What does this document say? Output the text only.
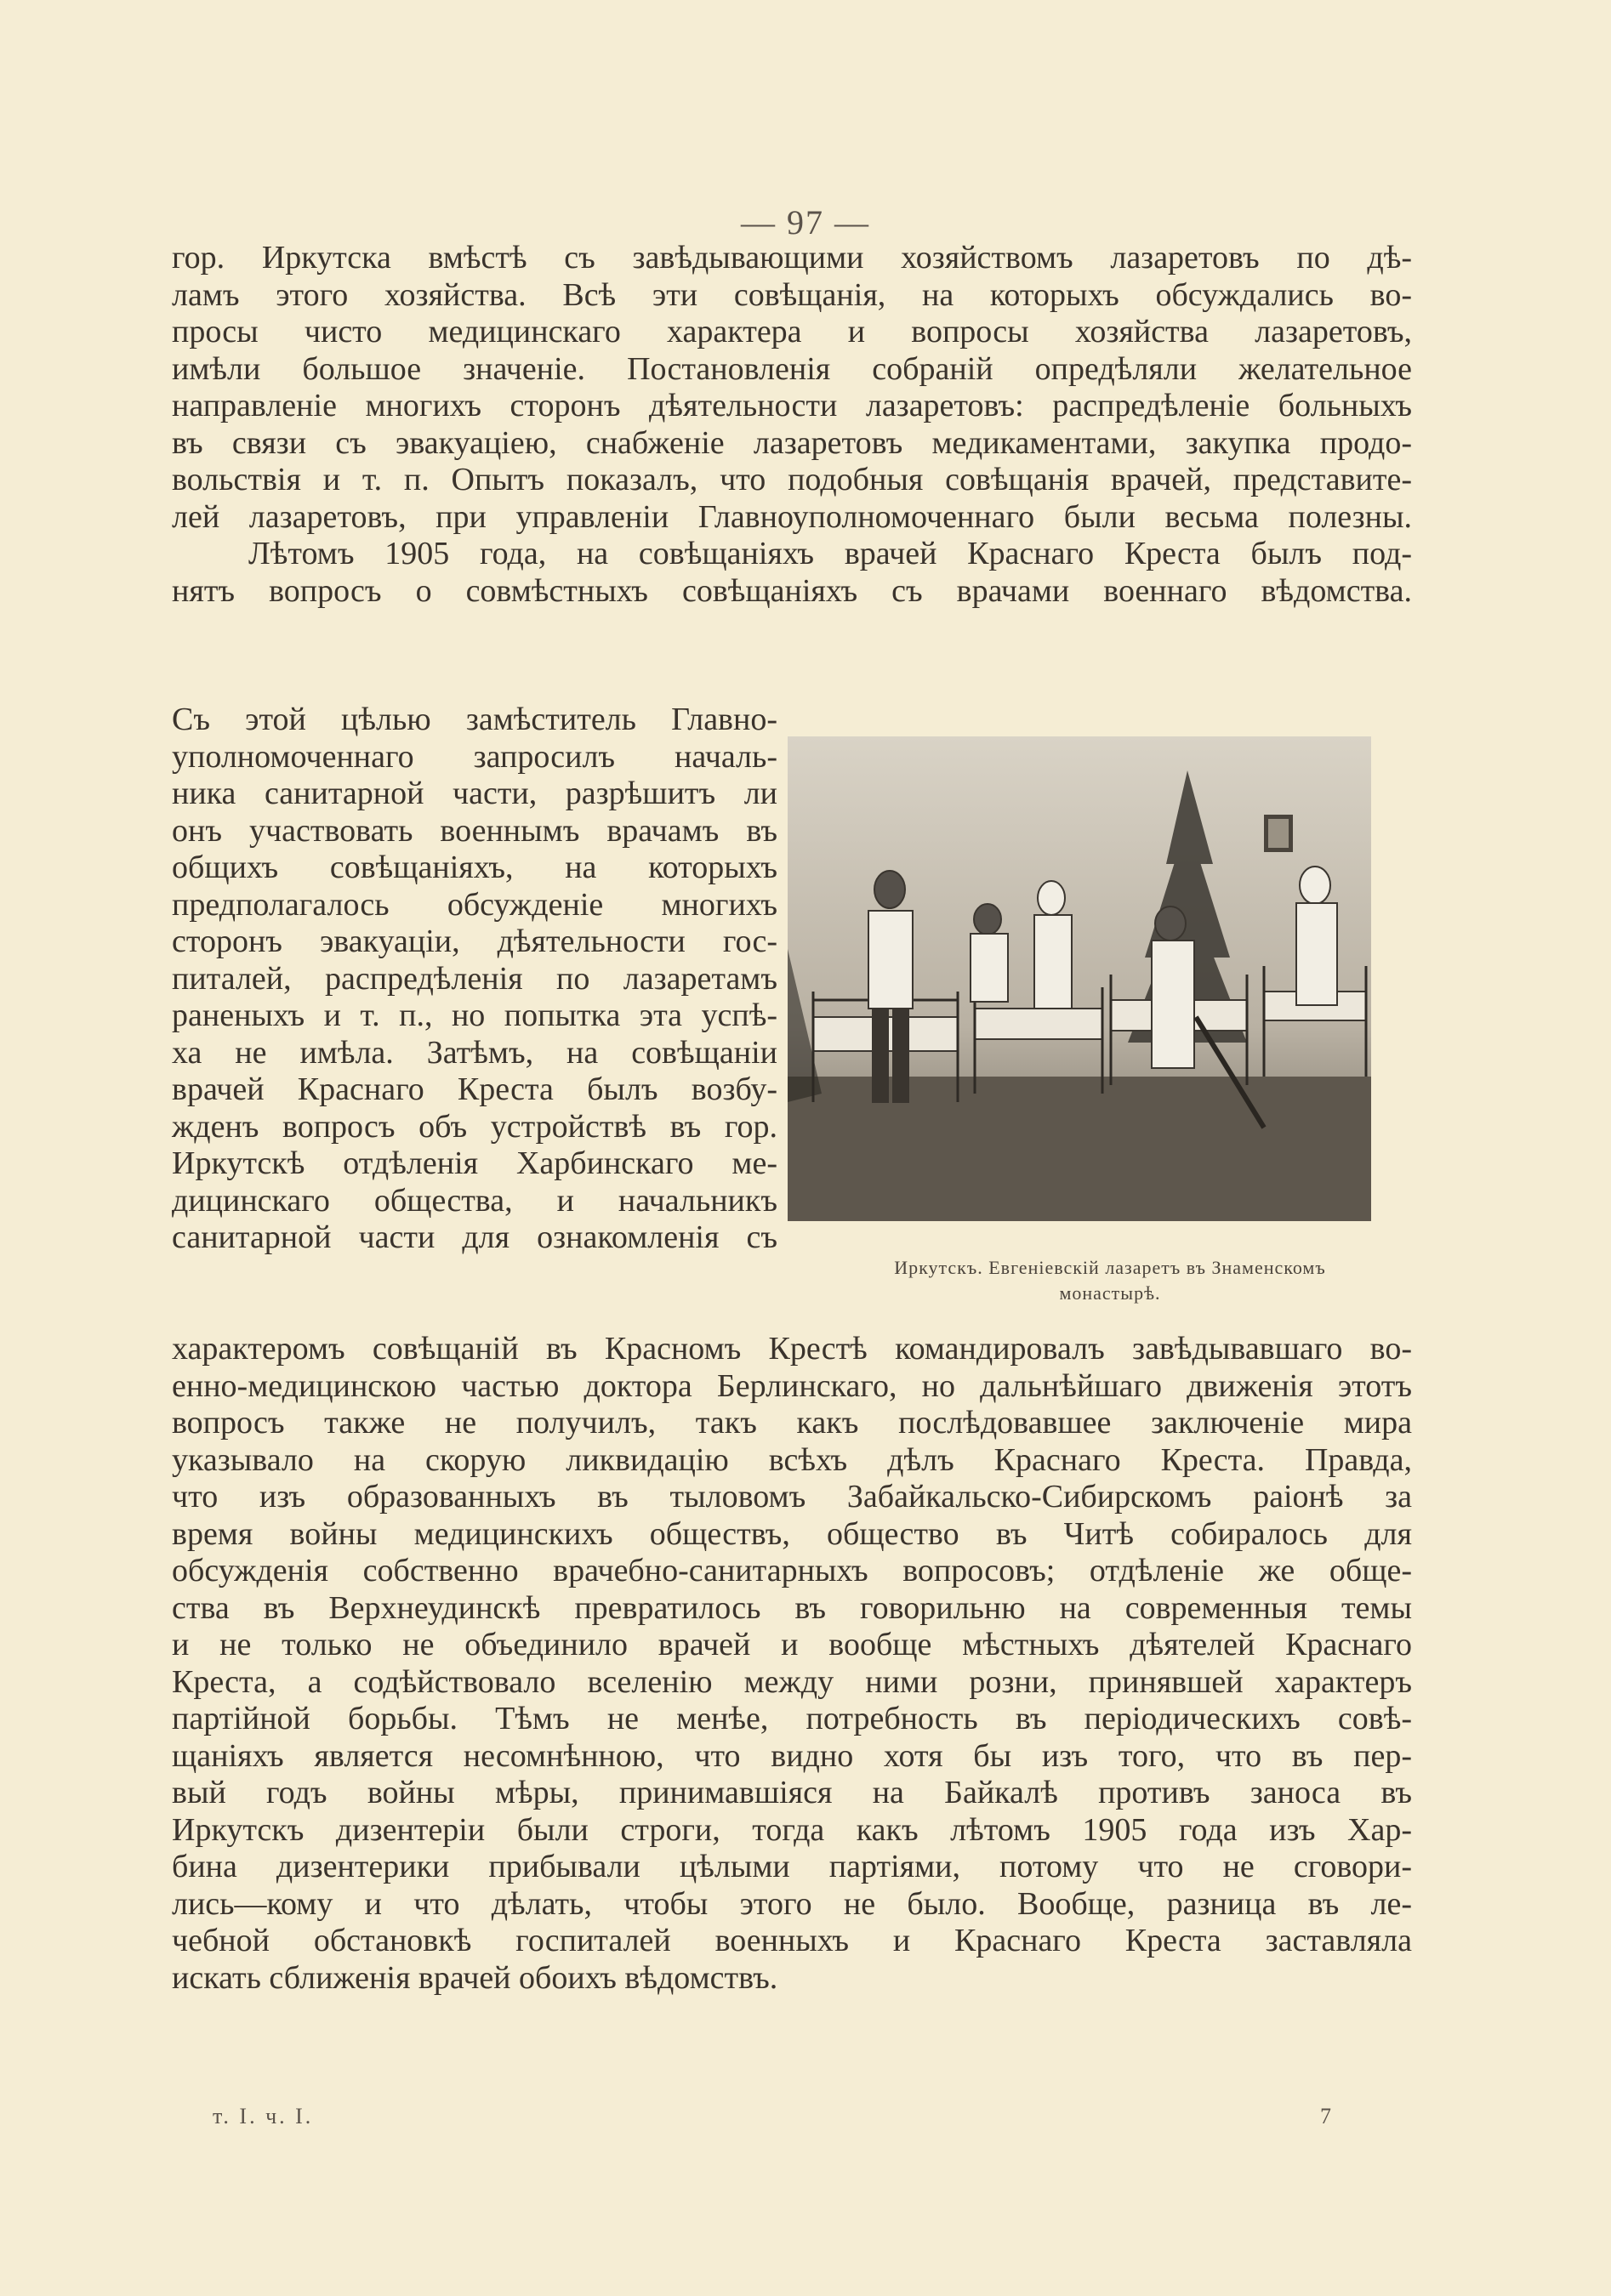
— 97 —
гор. Иркутска вмѣстѣ съ завѣдывающими хозяйствомъ лазаретовъ по дѣ-
ламъ этого хозяйства. Всѣ эти совѣщанія, на которыхъ обсуждались во-
просы чисто медицинскаго характера и вопросы хозяйства лазаретовъ,
имѣли большое значеніе. Постановленія собраній опредѣляли желательное
направленіе многихъ сторонъ дѣятельности лазаретовъ: распредѣленіе больныхъ
въ связи съ эвакуаціею, снабженіе лазаретовъ медикаментами, закупка продо-
вольствія и т. п. Опытъ показалъ, что подобныя совѣщанія врачей, представите-
лей лазаретовъ, при управленіи Главноуполномоченнаго были весьма полезны.
Лѣтомъ 1905 года, на совѣщаніяхъ врачей Краснаго Креста былъ под-
нятъ вопросъ о совмѣстныхъ совѣщаніяхъ съ врачами военнаго вѣдомства.
Съ этой цѣлью замѣститель Главно-
уполномоченнаго запросилъ началь-
ника санитарной части, разрѣшитъ ли
онъ участвовать военнымъ врачамъ въ
общихъ совѣщаніяхъ, на которыхъ
предполагалось обсужденіе многихъ
сторонъ эвакуаціи, дѣятельности гос-
питалей, распредѣленія по лазаретамъ
раненыхъ и т. п., но попытка эта успѣ-
ха не имѣла. Затѣмъ, на совѣщаніи
врачей Краснаго Креста былъ возбу-
жденъ вопросъ объ устройствѣ въ гор.
Иркутскѣ отдѣленія Харбинскаго ме-
дицинскаго общества, и начальникъ
санитарной части для ознакомленія съ
Иркутскъ. Евгеніевскій лазаретъ въ Знаменскомъ
монастырѣ.
характеромъ совѣщаній въ Красномъ Крестѣ командировалъ завѣдывавшаго во-
енно-медицинскою частью доктора Берлинскаго, но дальнѣйшаго движенія этотъ
вопросъ также не получилъ, такъ какъ послѣдовавшее заключеніе мира
указывало на скорую ликвидацію всѣхъ дѣлъ Краснаго Креста. Правда,
что изъ образованныхъ въ тыловомъ Забайкальско-Сибирскомъ раіонѣ за
время войны медицинскихъ обществъ, общество въ Читѣ собиралось для
обсужденія собственно врачебно-санитарныхъ вопросовъ; отдѣленіе же обще-
ства въ Верхнеудинскѣ превратилось въ говорильню на современныя темы
и не только не объединило врачей и вообще мѣстныхъ дѣятелей Краснаго
Креста, а содѣйствовало вселенію между ними розни, принявшей характеръ
партійной борьбы. Тѣмъ не менѣе, потребность въ періодическихъ совѣ-
щаніяхъ является несомнѣнною, что видно хотя бы изъ того, что въ пер-
вый годъ войны мѣры, принимавшіяся на Байкалѣ противъ заноса въ
Иркутскъ дизентеріи были строги, тогда какъ лѣтомъ 1905 года изъ Хар-
бина дизентерики прибывали цѣлыми партіями, потому что не сговори-
лись—кому и что дѣлать, чтобы этого не было. Вообще, разница въ ле-
чебной обстановкѣ госпиталей военныхъ и Краснаго Креста заставляла
искать сближенія врачей обоихъ вѣдомствъ.
т. I. ч. I.	7
